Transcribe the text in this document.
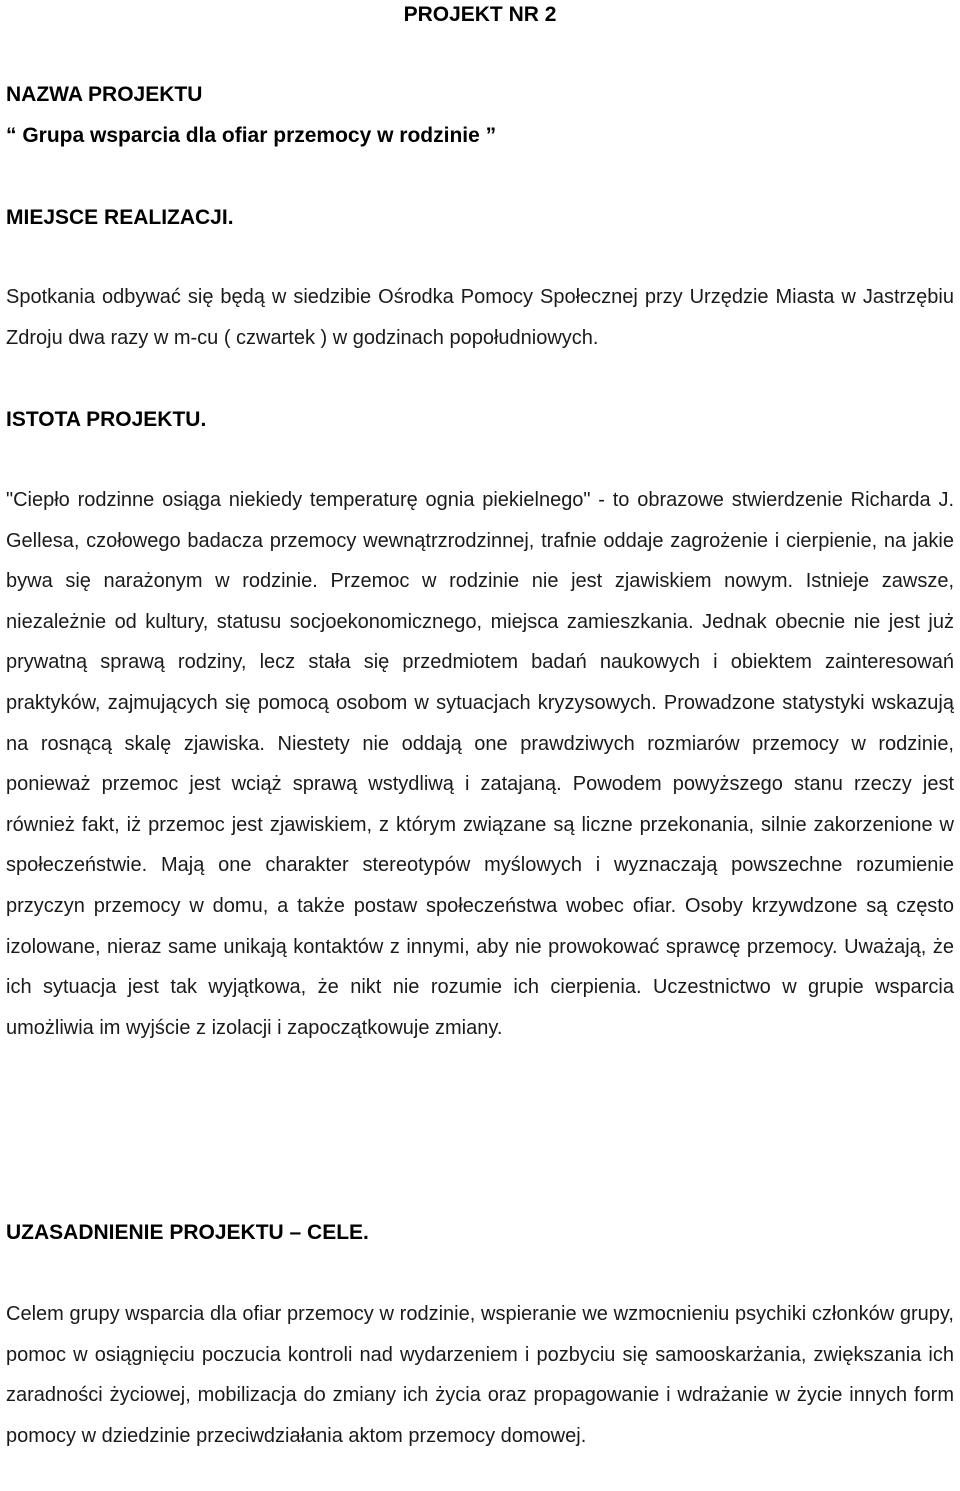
PROJEKT NR 2
NAZWA PROJEKTU
“ Grupa wsparcia dla ofiar przemocy w rodzinie ”
MIEJSCE REALIZACJI.

Spotkania odbywać się będą w siedzibie Ośrodka Pomocy Społecznej przy Urzędzie Miasta w Jastrzębiu Zdroju dwa razy w m-cu ( czwartek ) w godzinach popołudniowych.

ISTOTA PROJEKTU.

"Ciepło rodzinne osiąga niekiedy temperaturę ognia piekielnego" - to obrazowe stwierdzenie Richarda J. Gellesa, czołowego badacza przemocy wewnątrzrodzinnej, trafnie oddaje zagrożenie i cierpienie, na jakie bywa się narażonym w rodzinie. Przemoc w rodzinie nie jest zjawiskiem nowym. Istnieje zawsze, niezależnie od kultury, statusu socjoekonomicznego, miejsca zamieszkania. Jednak obecnie nie jest już prywatną sprawą rodziny, lecz stała się przedmiotem badań naukowych i obiektem zainteresowań praktyków, zajmujących się pomocą osobom w sytuacjach kryzysowych. Prowadzone statystyki wskazują na rosnącą skalę zjawiska. Niestety nie oddają one prawdziwych rozmiarów przemocy w rodzinie, ponieważ przemoc jest wciąż sprawą wstydliwą i zatajaną. Powodem powyższego stanu rzeczy jest również fakt, iż przemoc jest zjawiskiem, z którym związane są liczne przekonania, silnie zakorzenione w społeczeństwie. Mają one charakter stereotypów myślowych i wyznaczają powszechne rozumienie przyczyn przemocy w domu, a także postaw społeczeństwa wobec ofiar. Osoby krzywdzone są często izolowane, nieraz same unikają kontaktów z innymi, aby nie prowokować sprawcę przemocy. Uważają, że ich sytuacja jest tak wyjątkowa, że nikt nie rozumie ich cierpienia. Uczestnictwo w grupie wsparcia umożliwia im wyjście z izolacji i zapoczątkowuje zmiany.

UZASADNIENIE PROJEKTU – CELE.

Celem grupy wsparcia dla ofiar przemocy w rodzinie, wspieranie we wzmocnieniu psychiki członków grupy, pomoc w osiągnięciu poczucia kontroli nad wydarzeniem i pozbyciu się samooskarżania, zwiększania ich zaradności życiowej, mobilizacja do zmiany ich życia oraz propagowanie i wdrażanie w życie innych form pomocy w dziedzinie przeciwdziałania aktom przemocy domowej.
